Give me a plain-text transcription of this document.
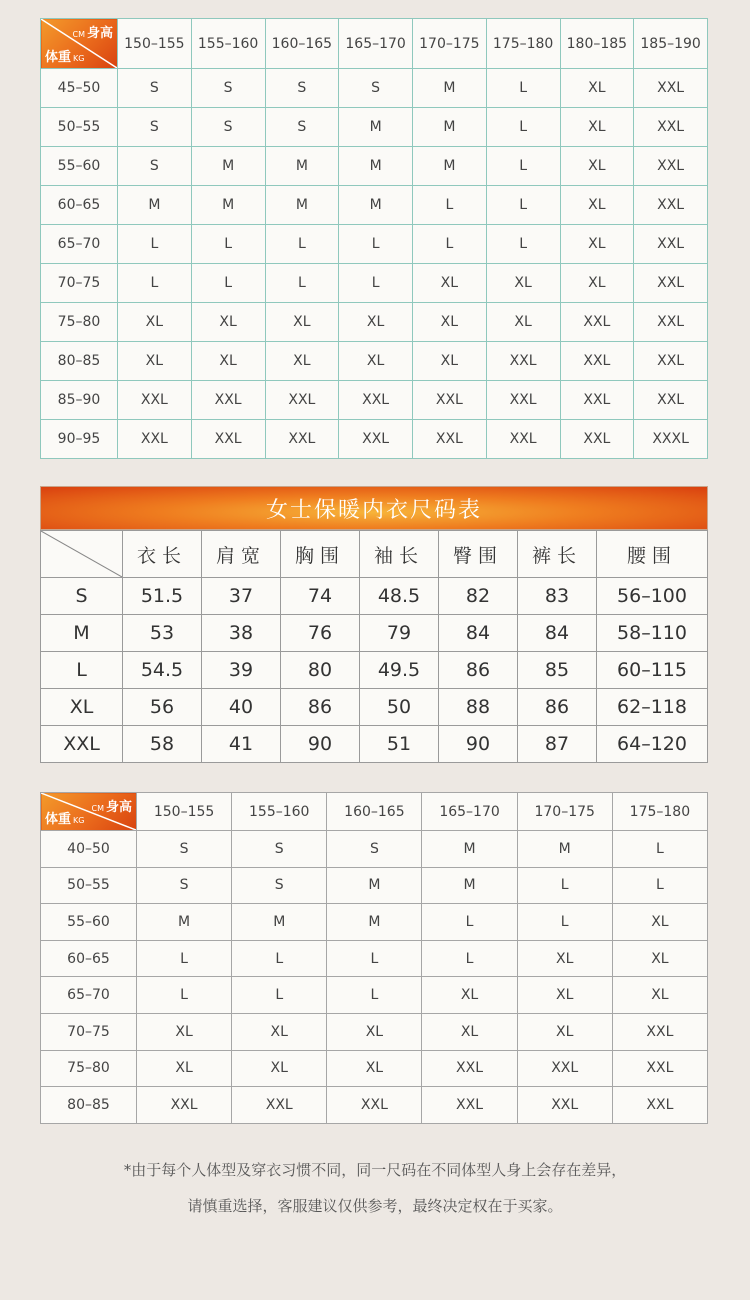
CM 身高
体重 KG	150–155	155–160	160–165	165–170	170–175	175–180	180–185	185–190
45–50	S	S	S	S	M	L	XL	XXL
50–55	S	S	S	M	M	L	XL	XXL
55–60	S	M	M	M	M	L	XL	XXL
60–65	M	M	M	M	L	L	XL	XXL
65–70	L	L	L	L	L	L	XL	XXL
70–75	L	L	L	L	XL	XL	XL	XXL
75–80	XL	XL	XL	XL	XL	XL	XXL	XXL
80–85	XL	XL	XL	XL	XL	XXL	XXL	XXL
85–90	XXL	XXL	XXL	XXL	XXL	XXL	XXL	XXL
90–95	XXL	XXL	XXL	XXL	XXL	XXL	XXL	XXXL
女士保暖内衣尺码表
	衣长	肩宽	胸围	袖长	臀围	裤长	腰围
S	51.5	37	74	48.5	82	83	56–100
M	53	38	76	79	84	84	58–110
L	54.5	39	80	49.5	86	85	60–115
XL	56	40	86	50	88	86	62–118
XXL	58	41	90	51	90	87	64–120
CM 身高
体重 KG	150–155	155–160	160–165	165–170	170–175	175–180
40–50	S	S	S	M	M	L
50–55	S	S	M	M	L	L
55–60	M	M	M	L	L	XL
60–65	L	L	L	L	XL	XL
65–70	L	L	L	XL	XL	XL
70–75	XL	XL	XL	XL	XL	XXL
75–80	XL	XL	XL	XXL	XXL	XXL
80–85	XXL	XXL	XXL	XXL	XXL	XXL
*由于每个人体型及穿衣习惯不同，同一尺码在不同体型人身上会存在差异，
请慎重选择，客服建议仅供参考，最终决定权在于买家。
